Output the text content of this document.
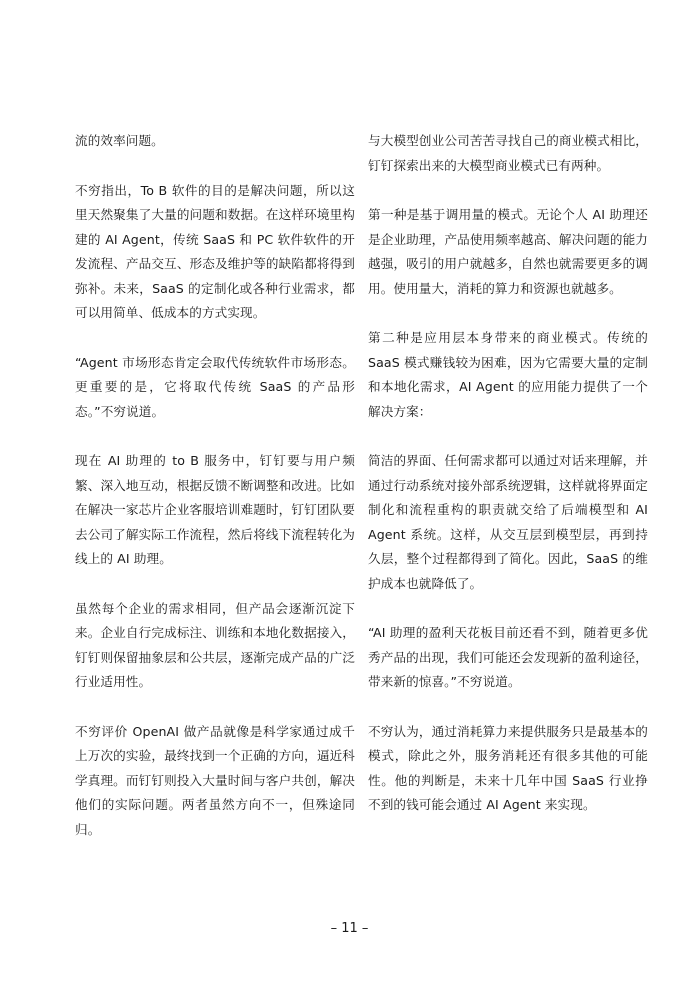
流的效率问题。

不穷指出，To B 软件的目的是解决问题，所以这里天然聚集了大量的问题和数据。在这样环境里构建的 AI Agent，传统 SaaS 和 PC 软件软件的开发流程、产品交互、形态及维护等的缺陷都将得到弥补。未来，SaaS 的定制化或各种行业需求，都可以用简单、低成本的方式实现。

“Agent 市场形态肯定会取代传统软件市场形态。更重要的是，它将取代传统 SaaS 的产品形态。”不穷说道。

现在 AI 助理的 to B 服务中，钉钉要与用户频繁、深入地互动，根据反馈不断调整和改进。比如在解决一家芯片企业客服培训难题时，钉钉团队要去公司了解实际工作流程，然后将线下流程转化为线上的 AI 助理。

虽然每个企业的需求相同，但产品会逐渐沉淀下来。企业自行完成标注、训练和本地化数据接入，钉钉则保留抽象层和公共层，逐渐完成产品的广泛行业适用性。

不穷评价 OpenAI 做产品就像是科学家通过成千上万次的实验，最终找到一个正确的方向，逼近科学真理。而钉钉则投入大量时间与客户共创，解决他们的实际问题。两者虽然方向不一，但殊途同归。

与大模型创业公司苦苦寻找自己的商业模式相比，钉钉探索出来的大模型商业模式已有两种。

第一种是基于调用量的模式。无论个人 AI 助理还是企业助理，产品使用频率越高、解决问题的能力越强，吸引的用户就越多，自然也就需要更多的调用。使用量大，消耗的算力和资源也就越多。

第二种是应用层本身带来的商业模式。传统的 SaaS 模式赚钱较为困难，因为它需要大量的定制和本地化需求，AI Agent 的应用能力提供了一个解决方案：

简洁的界面、任何需求都可以通过对话来理解，并通过行动系统对接外部系统逻辑，这样就将界面定制化和流程重构的职责就交给了后端模型和 AI Agent 系统。这样，从交互层到模型层，再到持久层，整个过程都得到了简化。因此，SaaS 的维护成本也就降低了。

“AI 助理的盈利天花板目前还看不到，随着更多优秀产品的出现，我们可能还会发现新的盈利途径，带来新的惊喜。”不穷说道。

不穷认为，通过消耗算力来提供服务只是最基本的模式，除此之外，服务消耗还有很多其他的可能性。他的判断是，未来十几年中国 SaaS 行业挣不到的钱可能会通过 AI Agent 来实现。

– 11 –
